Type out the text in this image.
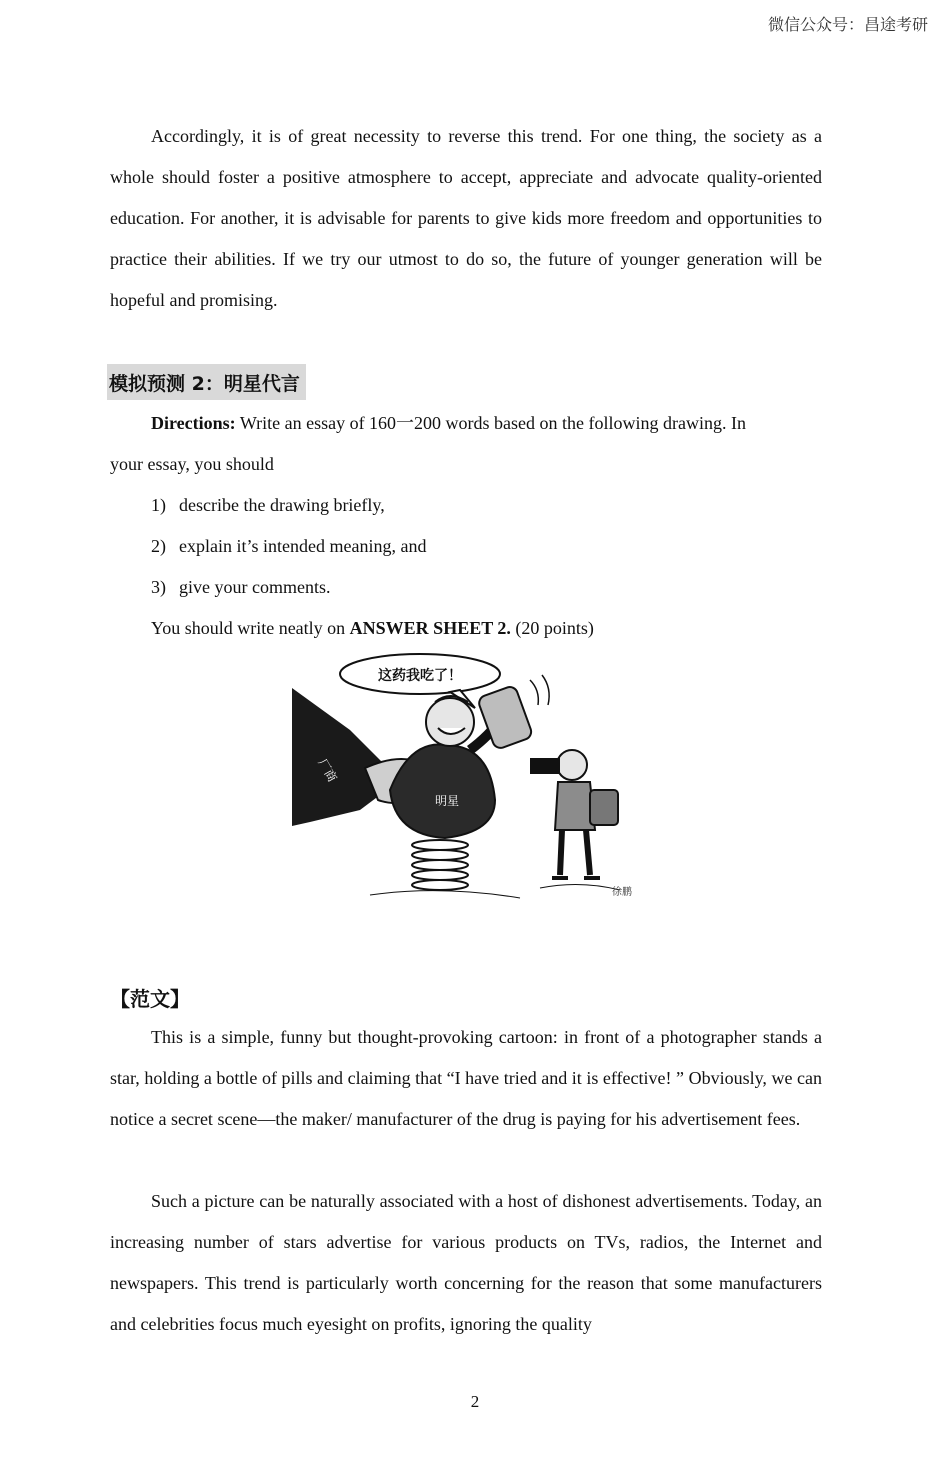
微信公众号：昌途考研

Accordingly, it is of great necessity to reverse this trend. For one thing, the society as a whole should foster a positive atmosphere to accept, appreciate and advocate quality-oriented education. For another, it is advisable for parents to give kids more freedom and opportunities to practice their abilities. If we try our utmost to do so, the future of younger generation will be hopeful and promising.

模拟预测 2：明星代言

Directions: Write an essay of 160一200 words based on the following drawing. In
your essay, you should

1) describe the drawing briefly,

2) explain it’s intended meaning, and

3) give your comments.

You should write neatly on ANSWER SHEET 2. (20 points)

这药我吃了！
厂商
明星
徐鹏
【范文】

This is a simple, funny but thought-provoking cartoon: in front of a photographer stands a star, holding a bottle of pills and claiming that “I have tried and it is effective! ” Obviously, we can notice a secret scene—the maker/ manufacturer of the drug is paying for his advertisement fees.

Such a picture can be naturally associated with a host of dishonest advertisements. Today, an increasing number of stars advertise for various products on TVs, radios, the Internet and newspapers. This trend is particularly worth concerning for the reason that some manufacturers and celebrities focus much eyesight on profits, ignoring the quality

2
